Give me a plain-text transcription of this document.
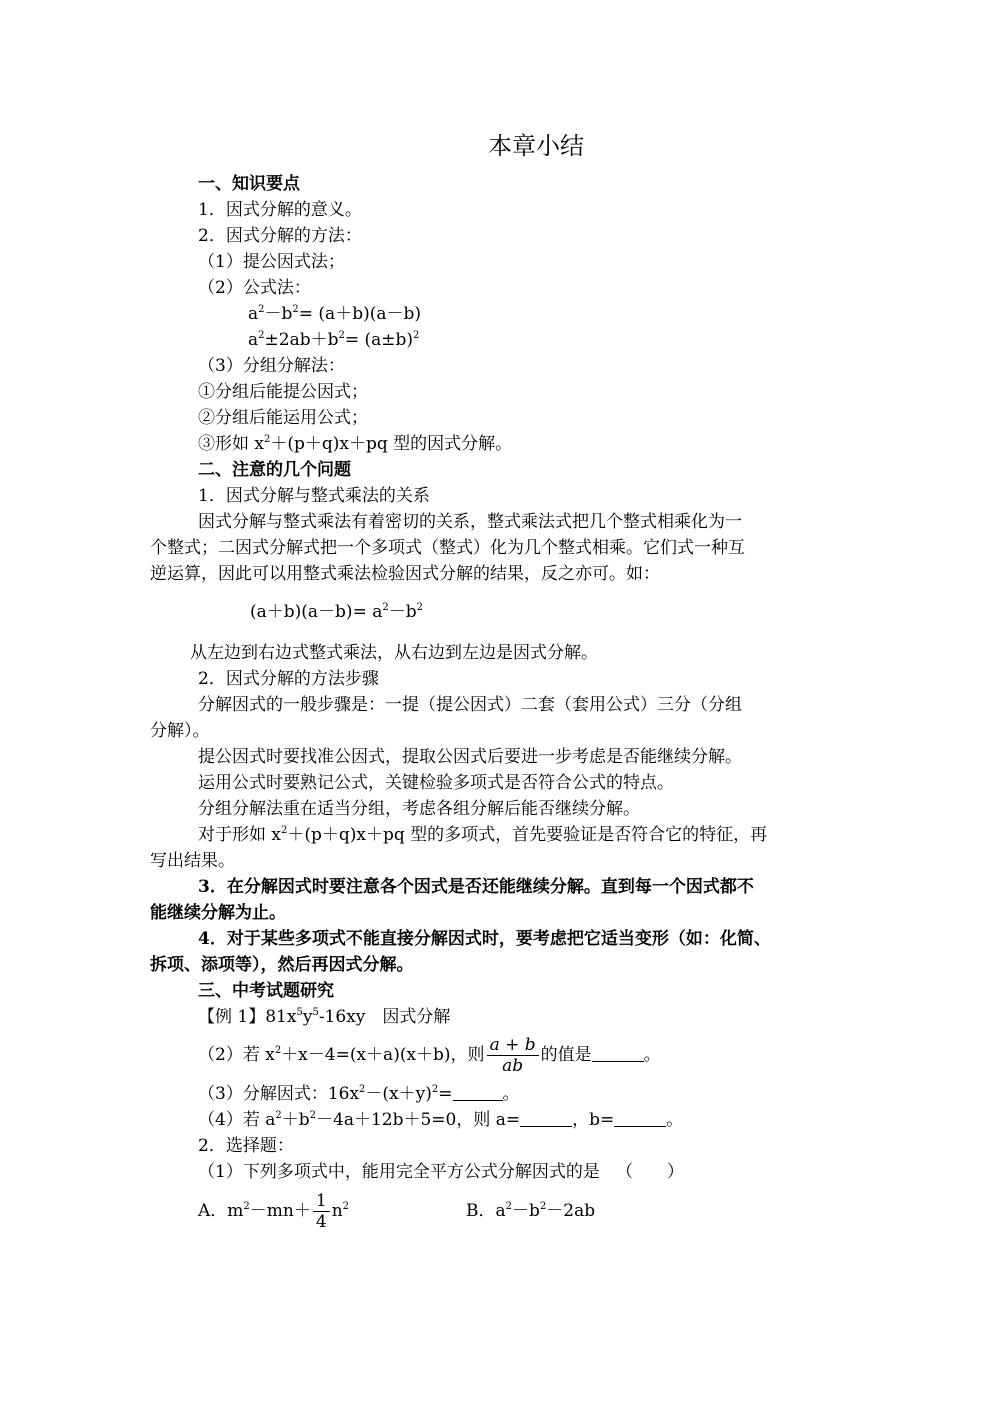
本章小结
一、知识要点
1．因式分解的意义。
2．因式分解的方法：
（1）提公因式法；
（2）公式法：
$a^2-b^2= (a+b)(a-b)$
$a^2\pm 2ab+b^2= (a\pm b)^2$
（3）分组分解法：
①分组后能提公因式；
②分组后能运用公式；
③形如 $x^2+(p+q)x+pq$ 型的因式分解。
二、注意的几个问题
1．因式分解与整式乘法的关系
因式分解与整式乘法有着密切的关系，整式乘法式把几个整式相乘化为一
个整式；二因式分解式把一个多项式（整式）化为几个整式相乘。它们式一种互
逆运算，因此可以用整式乘法检验因式分解的结果，反之亦可。如：
$(a+b)(a-b)= a^2-b^2$
从左边到右边式整式乘法，从右边到左边是因式分解。
2．因式分解的方法步骤
分解因式的一般步骤是：一提（提公因式）二套（套用公式）三分（分组
分解）。
提公因式时要找准公因式，提取公因式后要进一步考虑是否能继续分解。
运用公式时要熟记公式，关键检验多项式是否符合公式的特点。
分组分解法重在适当分组，考虑各组分解后能否继续分解。
对于形如 $x^2+(p+q)x+pq$ 型的多项式，首先要验证是否符合它的特征，再
写出结果。
3．在分解因式时要注意各个因式是否还能继续分解。直到每一个因式都不
能继续分解为止。
4．对于某些多项式不能直接分解因式时，要考虑把它适当变形（如：化简、
拆项、添项等），然后再因式分解。
三、中考试题研究
【例 1】$81x^5y^5-16xy$　因式分解
（2）若 $x^2+x-4=(x+a)(x+b)$，则 $\frac{a + b}{ab}$ 的值是	。
（3）分解因式：$16x^2-(x+y)^2=$	。
（4）若 $a^2+b^2-4a+12b+5=0$，则 a=	，b=	。
2．选择题：
（1）下列多项式中，能用完全平方公式分解因式的是 （　　）
A．$m^2-mn+ \frac{1}{4} n^2$	B．$a^2-b^2-2ab$
